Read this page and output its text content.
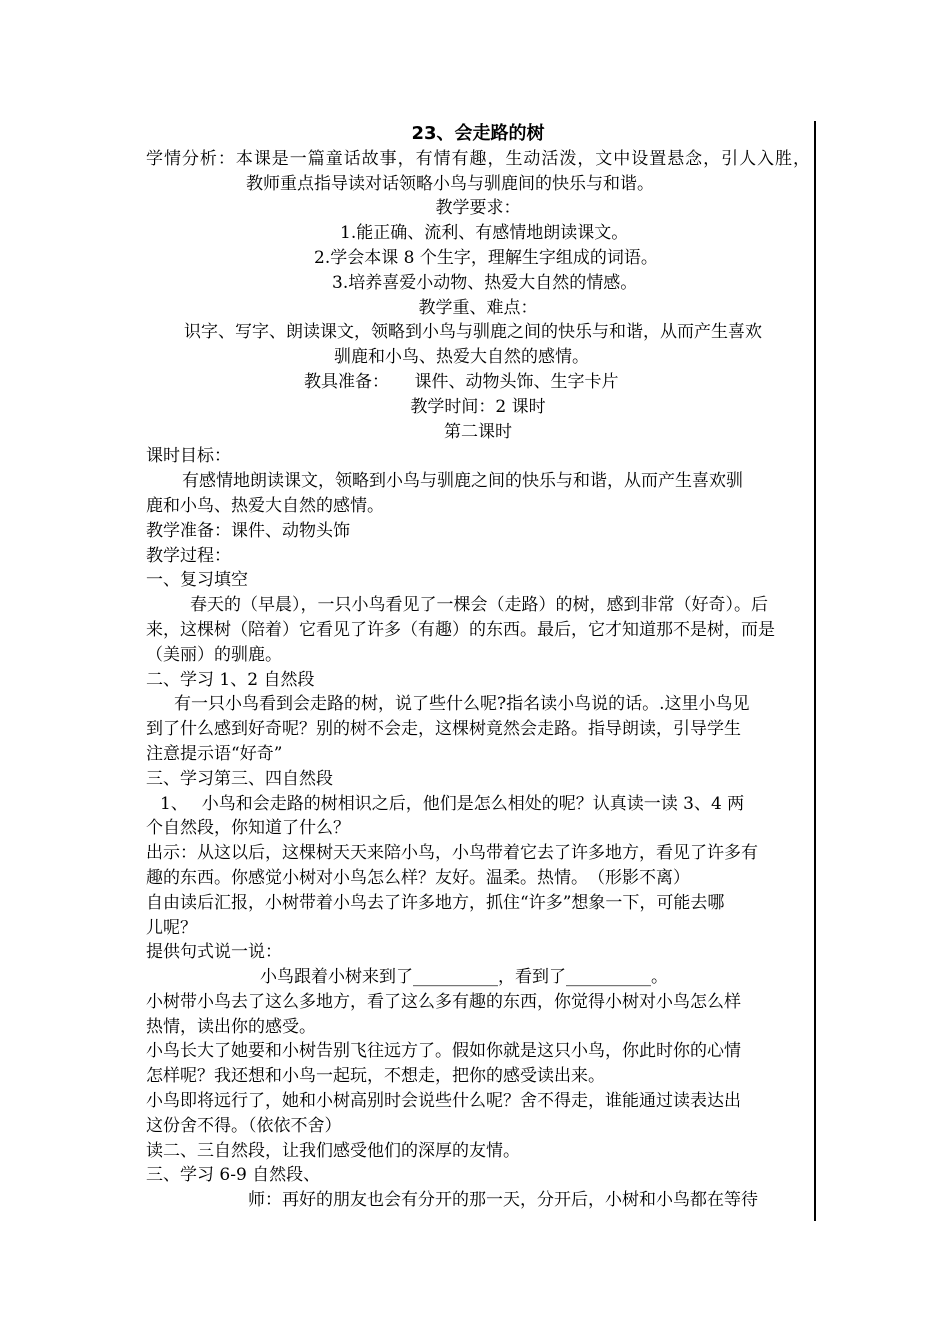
23、会走路的树
学情分析：本课是一篇童话故事，有情有趣，生动活泼，文中设置悬念，引人入胜，
教师重点指导读对话领略小鸟与驯鹿间的快乐与和谐。
教学要求：
1.能正确、流利、有感情地朗读课文。
2.学会本课 8 个生字，理解生字组成的词语。
3.培养喜爱小动物、热爱大自然的情感。
教学重、难点：
识字、写字、朗读课文，领略到小鸟与驯鹿之间的快乐与和谐，从而产生喜欢
驯鹿和小鸟、热爱大自然的感情。
教具准备：　　课件、动物头饰、生字卡片
教学时间：2 课时
第二课时
课时目标：
有感情地朗读课文，领略到小鸟与驯鹿之间的快乐与和谐，从而产生喜欢驯
鹿和小鸟、热爱大自然的感情。
教学准备：课件、动物头饰
教学过程：
一、复习填空
春天的（早晨），一只小鸟看见了一棵会（走路）的树，感到非常（好奇）。后
来，这棵树（陪着）它看见了许多（有趣）的东西。最后，它才知道那不是树，而是
（美丽）的驯鹿。
二、学习 1、2 自然段
有一只小鸟看到会走路的树，说了些什么呢?指名读小鸟说的话。.这里小鸟见
到了什么感到好奇呢？别的树不会走，这棵树竟然会走路。指导朗读，引导学生
注意提示语“好奇”
三、学习第三、四自然段
1、　 小鸟和会走路的树相识之后，他们是怎么相处的呢？认真读一读 3、4 两
个自然段，你知道了什么？
出示：从这以后，这棵树天天来陪小鸟，小鸟带着它去了许多地方，看见了许多有
趣的东西。你感觉小树对小鸟怎么样？友好。温柔。热情。　（形影不离）
自由读后汇报，小树带着小鸟去了许多地方，抓住“许多”想象一下，可能去哪
儿呢？
提供句式说一说：
小鸟跟着小树来到了__________，看到了__________。
小树带小鸟去了这么多地方，看了这么多有趣的东西，你觉得小树对小鸟怎么样
热情，读出你的感受。
小鸟长大了她要和小树告别飞往远方了。假如你就是这只小鸟，你此时你的心情
怎样呢？我还想和小鸟一起玩，不想走，把你的感受读出来。
小鸟即将远行了，她和小树高别时会说些什么呢？舍不得走，谁能通过读表达出
这份舍不得。（依依不舍）
读二、三自然段，让我们感受他们的深厚的友情。
三、学习 6-9 自然段、
师：再好的朋友也会有分开的那一天，分开后，小树和小鸟都在等待
